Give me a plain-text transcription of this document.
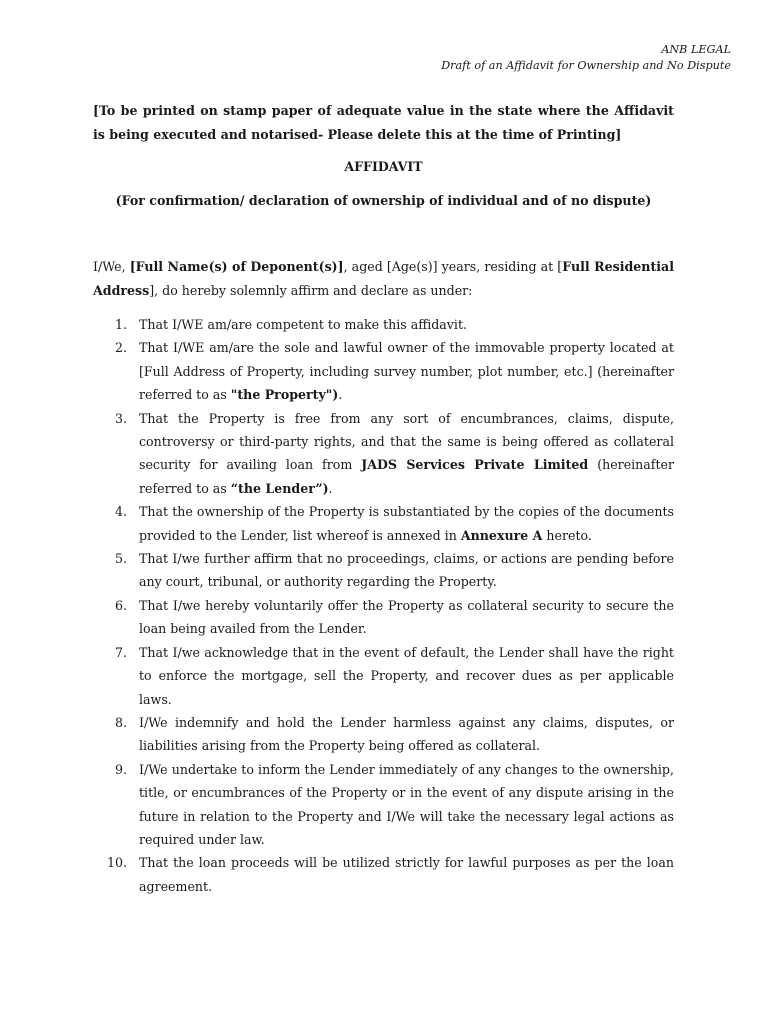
ANB LEGAL
Draft of an Affidavit for Ownership and No Dispute
[To be printed on stamp paper of adequate value in the state where the Affidavit is being executed and notarised- Please delete this at the time of Printing]
AFFIDAVIT
(For confirmation/ declaration of ownership of individual and of no dispute)
I/We, [Full Name(s) of Deponent(s)], aged [Age(s)] years, residing at [Full Residential Address], do hereby solemnly affirm and declare as under:
1. That I/WE am/are competent to make this affidavit.
2. That I/WE am/are the sole and lawful owner of the immovable property located at [Full Address of Property, including survey number, plot number, etc.] (hereinafter referred to as "the Property").
3. That the Property is free from any sort of encumbrances, claims, dispute, controversy or third-party rights, and that the same is being offered as collateral security for availing loan from JADS Services Private Limited (hereinafter referred to as “the Lender”).
4. That the ownership of the Property is substantiated by the copies of the documents provided to the Lender, list whereof is annexed in Annexure A hereto.
5. That I/we further affirm that no proceedings, claims, or actions are pending before any court, tribunal, or authority regarding the Property.
6. That I/we hereby voluntarily offer the Property as collateral security to secure the loan being availed from the Lender.
7. That I/we acknowledge that in the event of default, the Lender shall have the right to enforce the mortgage, sell the Property, and recover dues as per applicable laws.
8. I/We indemnify and hold the Lender harmless against any claims, disputes, or liabilities arising from the Property being offered as collateral.
9. I/We undertake to inform the Lender immediately of any changes to the ownership, title, or encumbrances of the Property or in the event of any dispute arising in the future in relation to the Property and I/We will take the necessary legal actions as required under law.
10. That the loan proceeds will be utilized strictly for lawful purposes as per the loan agreement.
